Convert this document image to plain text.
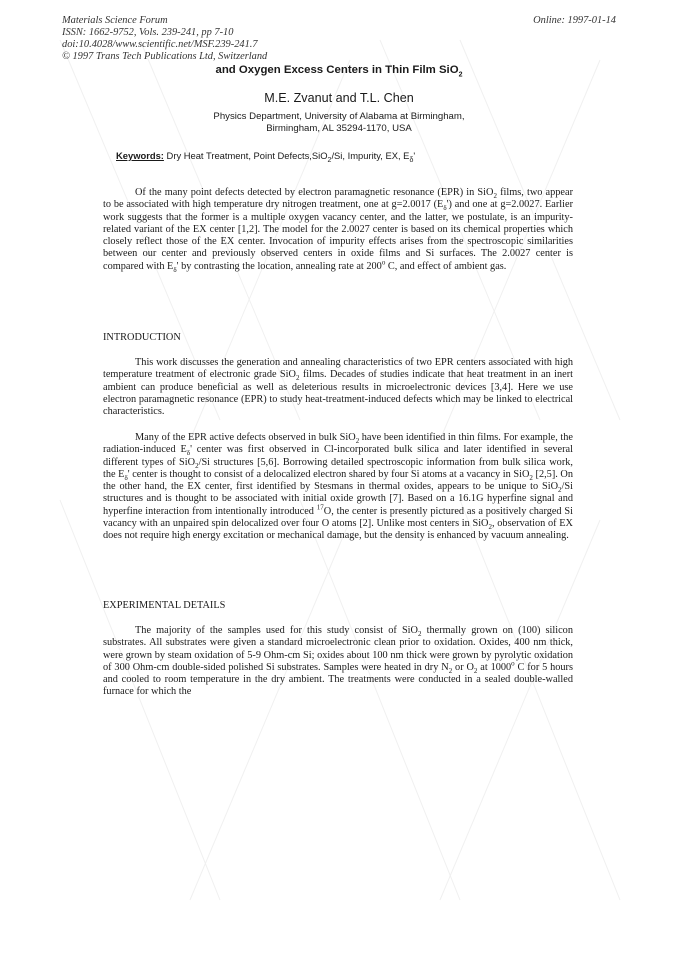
Materials Science Forum
ISSN: 1662-9752, Vols. 239-241, pp 7-10
doi:10.4028/www.scientific.net/MSF.239-241.7
© 1997 Trans Tech Publications Ltd, Switzerland
Online: 1997-01-14
and Oxygen Excess Centers in Thin Film SiO$_2$
M.E. Zvanut and T.L. Chen
Physics Department, University of Alabama at Birmingham,
Birmingham, AL 35294-1170, USA
Keywords: Dry Heat Treatment, Point Defects,SiO$_2$/Si, Impurity, EX, $E_\delta'$

Of the many point defects detected by electron paramagnetic resonance (EPR) in SiO$_2$ films, two appear to be associated with high temperature dry nitrogen treatment, one at g=2.0017 $(E_\delta')$ and one at g=2.0027. Earlier work suggests that the former is a multiple oxygen vacancy center, and the latter, we postulate, is an impurity-related variant of the EX center [1,2]. The model for the 2.0027 center is based on its chemical properties which closely reflect those of the EX center. Invocation of impurity effects arises from the spectroscopic similarities between our center and previously observed centers in oxide films and Si surfaces. The 2.0027 center is compared with $E_\delta'$ by contrasting the location, annealing rate at 200$^o$ C, and effect of ambient gas.

INTRODUCTION

This work discusses the generation and annealing characteristics of two EPR centers associated with high temperature treatment of electronic grade SiO$_2$ films. Decades of studies indicate that heat treatment in an inert ambient can produce beneficial as well as deleterious results in microelectronic devices [3,4]. Here we use electron paramagnetic resonance (EPR) to study heat-treatment-induced defects which may be linked to electrical characteristics.

Many of the EPR active defects observed in bulk SiO$_2$ have been identified in thin films. For example, the radiation-induced $E_\delta'$ center was first observed in Cl-incorporated bulk silica and later identified in several different types of SiO$_2$/Si structures [5,6]. Borrowing detailed spectroscopic information from bulk silica work, the $E_\delta'$ center is thought to consist of a delocalized electron shared by four Si atoms at a vacancy in SiO$_2$ [2,5]. On the other hand, the EX center, first identified by Stesmans in thermal oxides, appears to be unique to SiO$_2$/Si structures and is thought to be associated with initial oxide growth [7]. Based on a 16.1G hyperfine signal and hyperfine interaction from intentionally introduced $^{17}$O, the center is presently pictured as a positively charged Si vacancy with an unpaired spin delocalized over four O atoms [2]. Unlike most centers in SiO$_2$, observation of EX does not require high energy excitation or mechanical damage, but the density is enhanced by vacuum annealing.

EXPERIMENTAL DETAILS

The majority of the samples used for this study consist of SiO$_2$ thermally grown on (100) silicon substrates. All substrates were given a standard microelectronic clean prior to oxidation. Oxides, 400 nm thick, were grown by steam oxidation of 5-9 Ohm-cm Si; oxides about 100 nm thick were grown by pyrolytic oxidation of 300 Ohm-cm double-sided polished Si substrates. Samples were heated in dry $N_2$ or $O_2$ at 1000$^o$ C for 5 hours and cooled to room temperature in the dry ambient. The treatments were conducted in a sealed double-walled furnace for which the
